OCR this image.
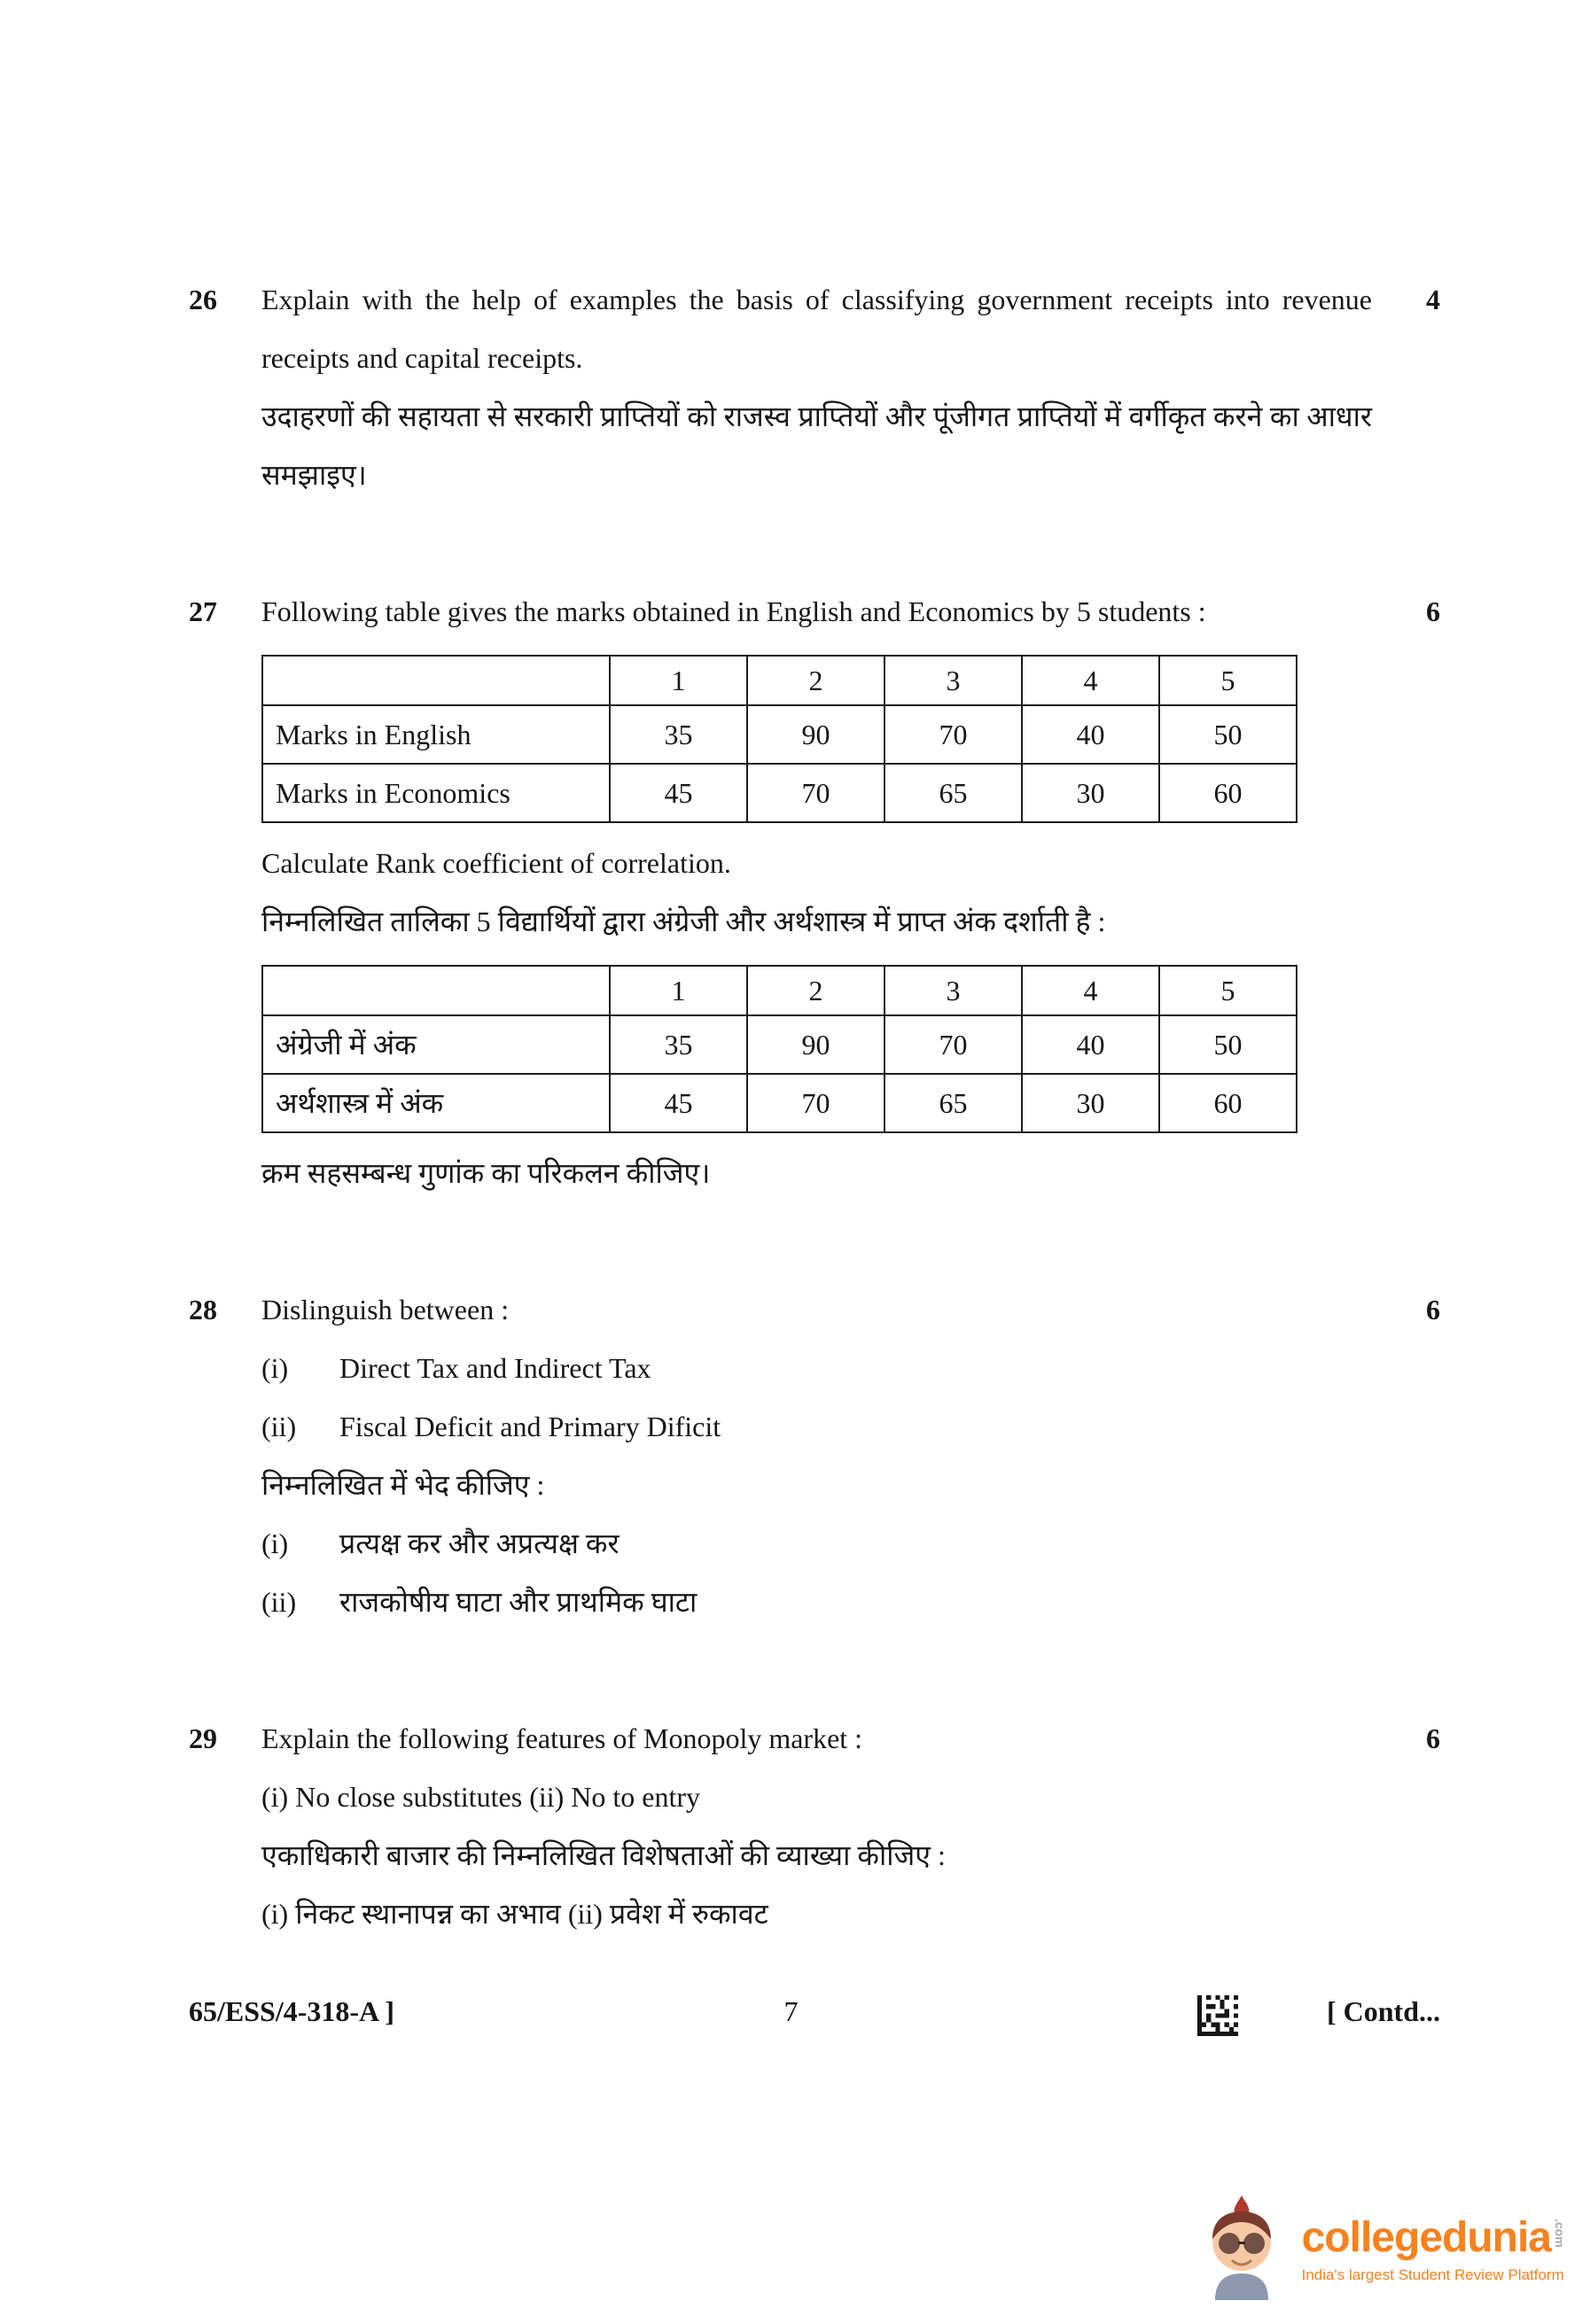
26	Explain with the help of examples the basis of classifying government receipts into revenue receipts and capital receipts.

उदाहरणों की सहायता से सरकारी प्राप्तियों को राजस्व प्राप्तियों और पूंजीगत प्राप्तियों में वर्गीकृत करने का आधार समझाइए।

4
27	Following table gives the marks obtained in English and Economics by 5 students :

	1	2	3	4	5
Marks in English	35	90	70	40	50
Marks in Economics	45	70	65	30	60

Calculate Rank coefficient of correlation.

निम्नलिखित तालिका 5 विद्यार्थियों द्वारा अंग्रेजी और अर्थशास्त्र में प्राप्त अंक दर्शाती है :

	1	2	3	4	5
अंग्रेजी में अंक	35	90	70	40	50
अर्थशास्त्र में अंक	45	70	65	30	60

क्रम सहसम्बन्ध गुणांक का परिकलन कीजिए।

6
28	Dislinguish between :

(i)	Direct Tax and Indirect Tax
(ii)	Fiscal Deficit and Primary Dificit

निम्नलिखित में भेद कीजिए :

(i)	प्रत्यक्ष कर और अप्रत्यक्ष कर
(ii)	राजकोषीय घाटा और प्राथमिक घाटा
6
29	Explain the following features of Monopoly market :

(i) No close substitutes (ii) No to entry

एकाधिकारी बाजार की निम्नलिखित विशेषताओं की व्याख्या कीजिए :

(i) निकट स्थानापन्न का अभाव (ii) प्रवेश में रुकावट

6
65/ESS/4-318-A ]	7	[ Contd...
collegedunia .com
India's largest Student Review Platform
